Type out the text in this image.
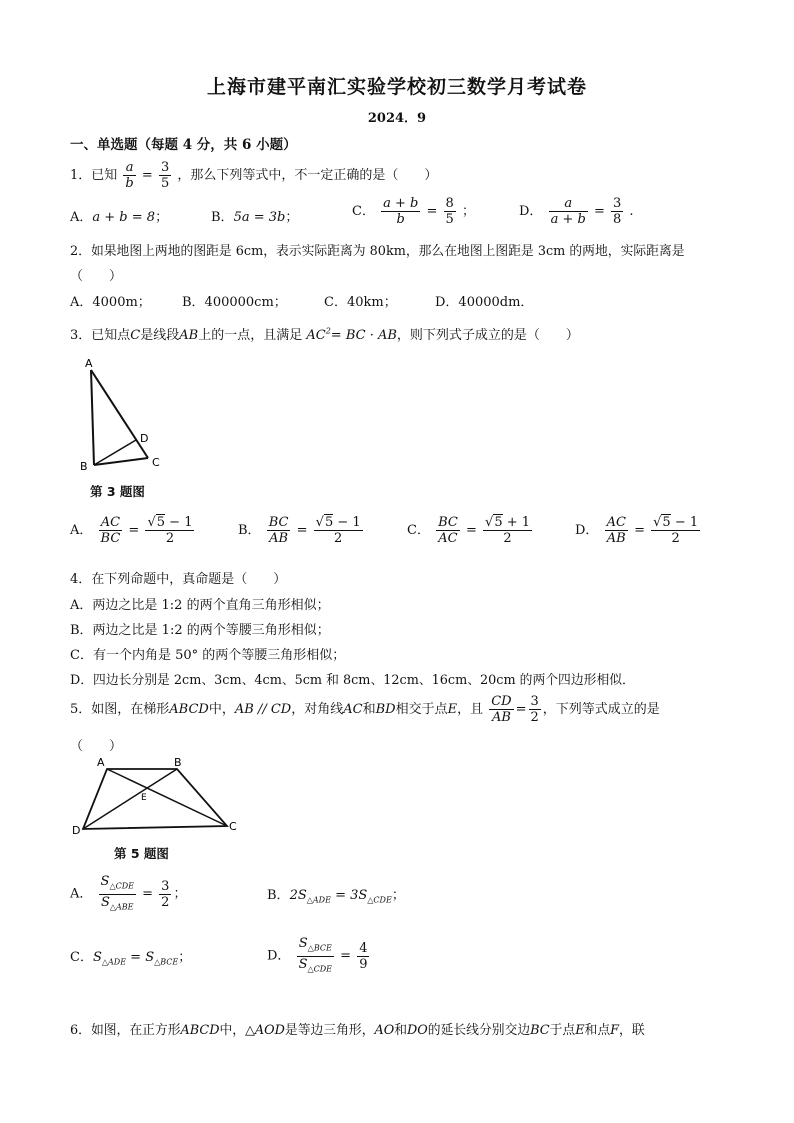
上海市建平南汇实验学校初三数学月考试卷
2024．9
一、单选题（每题 4 分，共 6 小题）
1．已知 $\frac{a}{b} = \frac{3}{5}$ ，那么下列等式中，不一定正确的是（　　）
A．a + b = 8；	B．5a = 3b；	C． $\frac{a + b}{b} = \frac{8}{5}$ ；	D． $\frac{a}{a + b} = \frac{3}{8}$ .
2．如果地图上两地的图距是 6cm，表示实际距离为 80km，那么在地图上图距是 3cm 的两地，实际距离是
（　　）
A．4000m； B．400000cm；	C．40km；	D．40000dm．
3．已知点C是线段AB上的一点，且满足 $AC^2=$ BC · AB，则下列式子成立的是（　　）
A
B	C
D
第 3 题图
A． $\frac{AC}{BC} = \frac{√5 - 1}{2}$	B． $\frac{BC}{AB} = \frac{√5 - 1}{2}$	C． $\frac{BC}{AC} = \frac{√5 + 1}{2}$	D． $\frac{AC}{AB} = \frac{√5 - 1}{2}$
4．在下列命题中，真命题是（　　）
A．两边之比是 1:2 的两个直角三角形相似；
B．两边之比是 1:2 的两个等腰三角形相似；
C．有一个内角是 50° 的两个等腰三角形相似；
D．四边长分别是 2cm、3cm、4cm、5cm 和 8cm、12cm、16cm、20cm 的两个四边形相似．
5．如图，在梯形ABCD中，AB // CD，对角线AC和BD相交于点E，且 $\frac{CD}{AB} = \frac{3}{2}$ ，下列等式成立的是
（　　）
A	B
C
D
E
第 5 题图
A． $\frac{S_{\triangle CDE}}{S_{\triangle ABE}} = \frac{3}{2}$ ；	B．$2S_{\triangle ADE} = 3S_{\triangle CDE}$；
C．$S_{\triangle ADE} = S_{\triangle BCE}$；	D． $\frac{S_{\triangle BCE}}{S_{\triangle CDE}} = \frac{4}{9}$
6．如图，在正方形ABCD中，△AOD是等边三角形，AO和DO的延长线分别交边BC于点E和点F，联
